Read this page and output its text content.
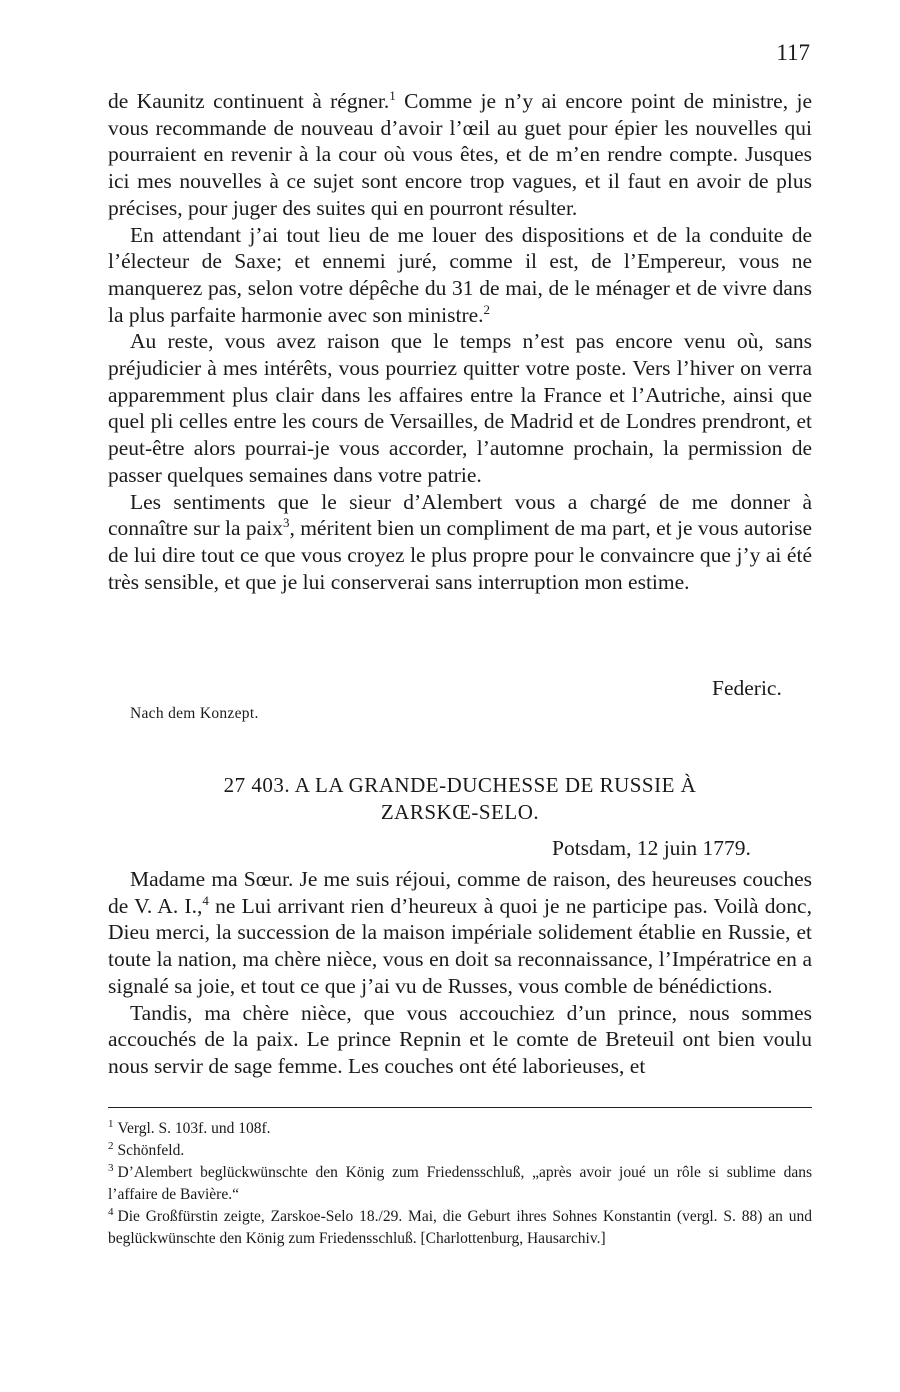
117

de Kaunitz continuent à régner.$^1$ Comme je n’y ai encore point de ministre, je vous recommande de nouveau d’avoir l’œil au guet pour épier les nouvelles qui pourraient en revenir à la cour où vous êtes, et de m’en rendre compte. Jusques ici mes nouvelles à ce sujet sont encore trop vagues, et il faut en avoir de plus précises, pour juger des suites qui en pourront résulter.

En attendant j’ai tout lieu de me louer des dispositions et de la conduite de l’électeur de Saxe; et ennemi juré, comme il est, de l’Empereur, vous ne manquerez pas, selon votre dépêche du 31 de mai, de le ménager et de vivre dans la plus parfaite harmonie avec son ministre.$^2$

Au reste, vous avez raison que le temps n’est pas encore venu où, sans préjudicier à mes intérêts, vous pourriez quitter votre poste. Vers l’hiver on verra apparemment plus clair dans les affaires entre la France et l’Autriche, ainsi que quel pli celles entre les cours de Versailles, de Madrid et de Londres prendront, et peut-être alors pourrai-je vous accorder, l’automne prochain, la permission de passer quelques semaines dans votre patrie.

Les sentiments que le sieur d’Alembert vous a chargé de me donner à connaître sur la paix$^3$, méritent bien un compliment de ma part, et je vous autorise de lui dire tout ce que vous croyez le plus propre pour le convaincre que j’y ai été très sensible, et que je lui conserverai sans interruption mon estime.

Federic.
Nach dem Konzept.
27 403. A LA GRANDE-DUCHESSE DE RUSSIE À
ZARSKŒ-SELO.
Potsdam, 12 juin 1779.

Madame ma Sœur. Je me suis réjoui, comme de raison, des heureuses couches de V. A. I.,$^4$ ne Lui arrivant rien d’heureux à quoi je ne participe pas. Voilà donc, Dieu merci, la succession de la maison impériale solidement établie en Russie, et toute la nation, ma chère nièce, vous en doit sa reconnaissance, l’Impératrice en a signalé sa joie, et tout ce que j’ai vu de Russes, vous comble de bénédictions.

Tandis, ma chère nièce, que vous accouchiez d’un prince, nous sommes accouchés de la paix. Le prince Repnin et le comte de Breteuil ont bien voulu nous servir de sage femme. Les couches ont été laborieuses, et

$^1$ Vergl. S. 103f. und 108f.

$^2$ Schönfeld.

$^3$ D’Alembert beglückwünschte den König zum Friedensschluß, „après avoir joué un rôle si sublime dans l’affaire de Bavière.“

$^4$ Die Großfürstin zeigte, Zarskoe-Selo 18./29. Mai, die Geburt ihres Sohnes Konstantin (vergl. S. 88) an und beglückwünschte den König zum Friedensschluß. [Charlottenburg, Hausarchiv.]
